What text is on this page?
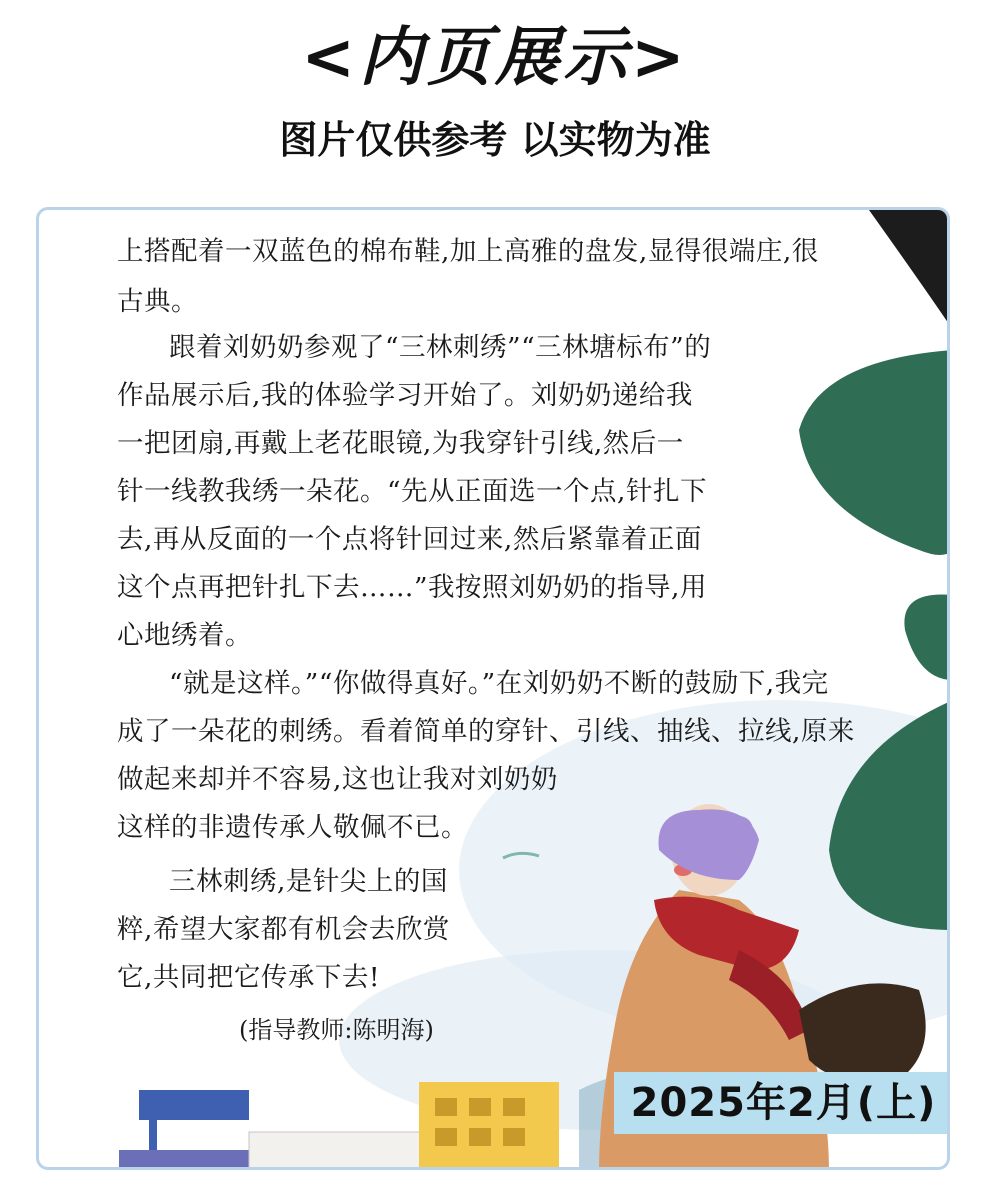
<内页展示>
图片仅供参考 以实物为准

上搭配着一双蓝色的棉布鞋,加上高雅的盘发,显得很端庄,很

古典。

跟着刘奶奶参观了“三林刺绣”“三林塘标布”的

作品展示后,我的体验学习开始了。刘奶奶递给我

一把团扇,再戴上老花眼镜,为我穿针引线,然后一

针一线教我绣一朵花。“先从正面选一个点,针扎下

去,再从反面的一个点将针回过来,然后紧靠着正面

这个点再把针扎下去……”我按照刘奶奶的指导,用

心地绣着。

“就是这样。”“你做得真好。”在刘奶奶不断的鼓励下,我完

成了一朵花的刺绣。看着简单的穿针、引线、抽线、拉线,原来

做起来却并不容易,这也让我对刘奶奶

这样的非遗传承人敬佩不已。

三林刺绣,是针尖上的国

粹,希望大家都有机会去欣赏

它,共同把它传承下去!

(指导教师:陈明海)

2025年2月(上)
